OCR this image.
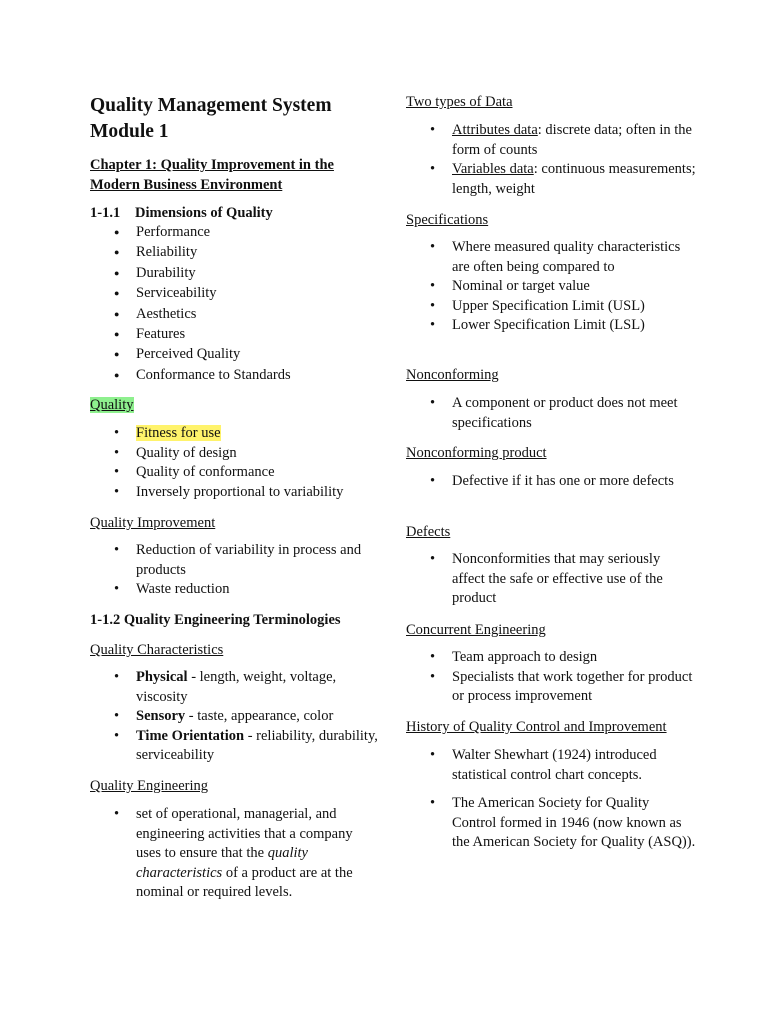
Quality Management System
Module 1
Chapter 1: Quality Improvement in the Modern Business Environment
1-1.1 Dimensions of Quality
● Performance
● Reliability
● Durability
● Serviceability
● Aesthetics
● Features
● Perceived Quality
● Conformance to Standards
Quality
• Fitness for use
• Quality of design
• Quality of conformance
• Inversely proportional to variability
Quality Improvement
• Reduction of variability in process and products
• Waste reduction
1-1.2 Quality Engineering Terminologies
Quality Characteristics
• Physical - length, weight, voltage, viscosity
• Sensory - taste, appearance, color
• Time Orientation - reliability, durability, serviceability
Quality Engineering
• set of operational, managerial, and engineering activities that a company uses to ensure that the quality characteristics of a product are at the nominal or required levels.
Two types of Data
• Attributes data: discrete data; often in the form of counts
• Variables data: continuous measurements; length, weight
Specifications
• Where measured quality characteristics are often being compared to
• Nominal or target value
• Upper Specification Limit (USL)
• Lower Specification Limit (LSL)
Nonconforming
• A component or product does not meet specifications
Nonconforming product
• Defective if it has one or more defects
Defects
• Nonconformities that may seriously affect the safe or effective use of the product
Concurrent Engineering
• Team approach to design
• Specialists that work together for product or process improvement
History of Quality Control and Improvement
• Walter Shewhart (1924) introduced statistical control chart concepts.
• The American Society for Quality Control formed in 1946 (now known as the American Society for Quality (ASQ)).
